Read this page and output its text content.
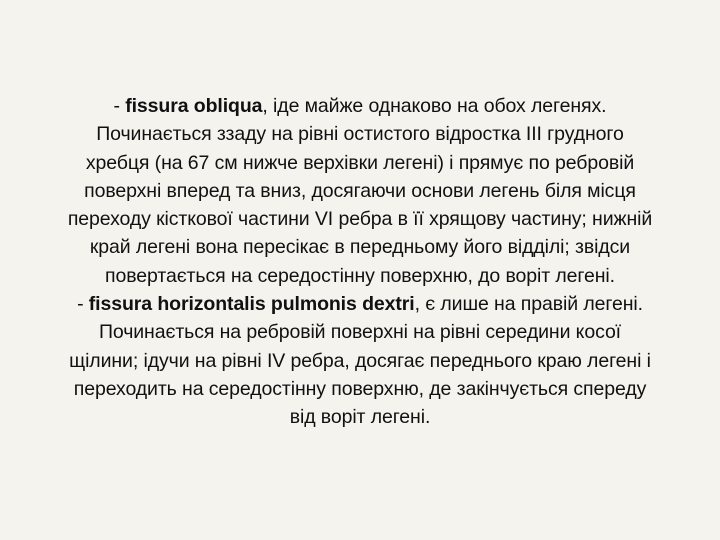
- fissura obliqua, іде майже однаково на обох легенях. Починається ззаду на рівні остистого відростка III грудного хребця (на 67 см нижче верхівки легені) і прямує по ребровій поверхні вперед та вниз, досягаючи основи легень біля місця переходу кісткової частини VI ребра в її хрящову частину; нижній край легені вона пересікає в передньому його відділі; звідси повертається на середостінну поверхню, до воріт легені.

- fissura horizontalis pulmonis dextri, є лише на правій легені. Починається на ребровій поверхні на рівні середини косої щілини; ідучи на рівні IV ребра, досягає переднього краю легені і переходить на середостінну поверхню, де закінчується спереду від воріт легені.
